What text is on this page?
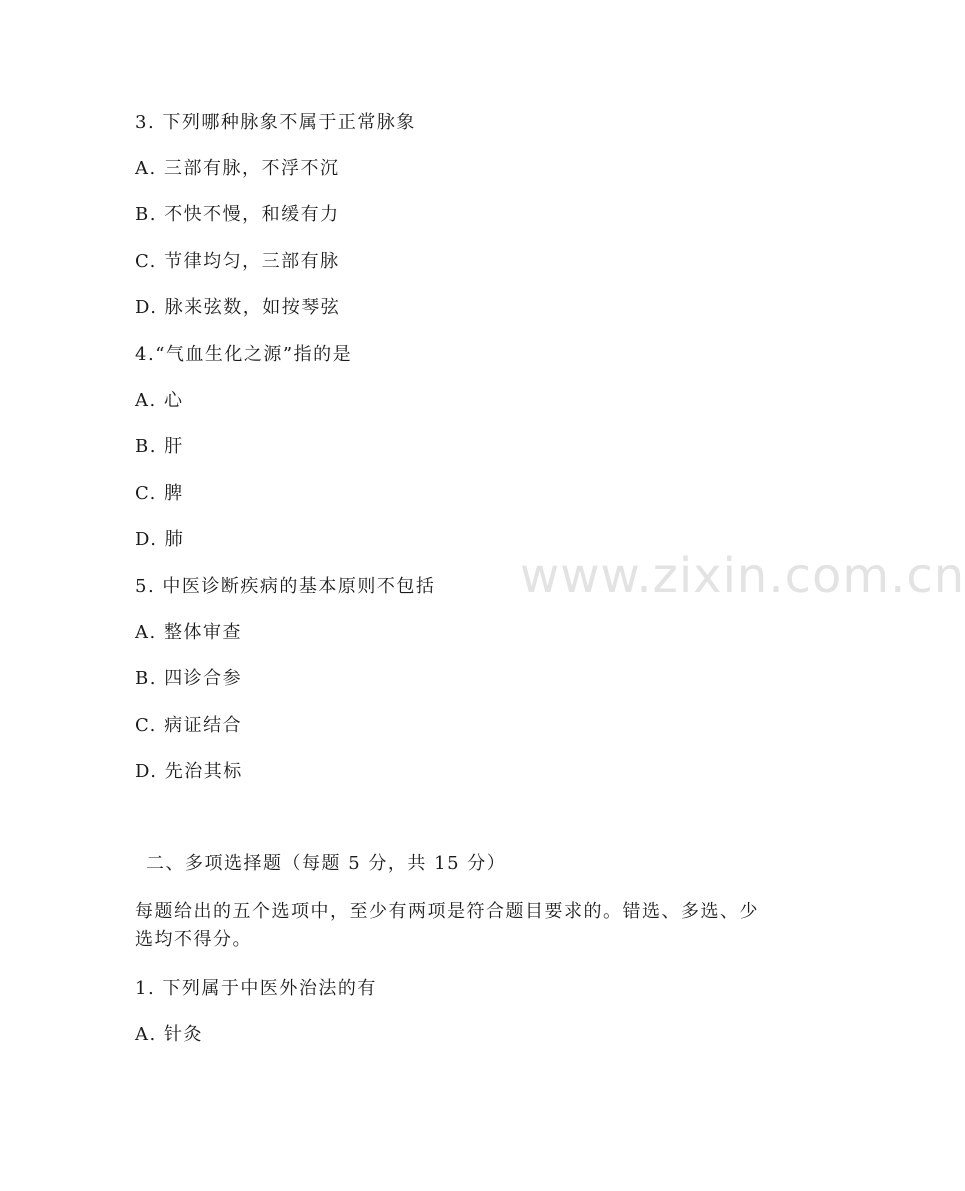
www.zixin.com.cn
3. 下列哪种脉象不属于正常脉象
A. 三部有脉，不浮不沉
B. 不快不慢，和缓有力
C. 节律均匀，三部有脉
D. 脉来弦数，如按琴弦
4.“气血生化之源”指的是
A. 心
B. 肝
C. 脾
D. 肺
5. 中医诊断疾病的基本原则不包括
A. 整体审查
B. 四诊合参
C. 病证结合
D. 先治其标
二、多项选择题（每题 5 分，共 15 分）
每题给出的五个选项中，至少有两项是符合题目要求的。错选、多选、少选均不得分。
1. 下列属于中医外治法的有
A. 针灸
